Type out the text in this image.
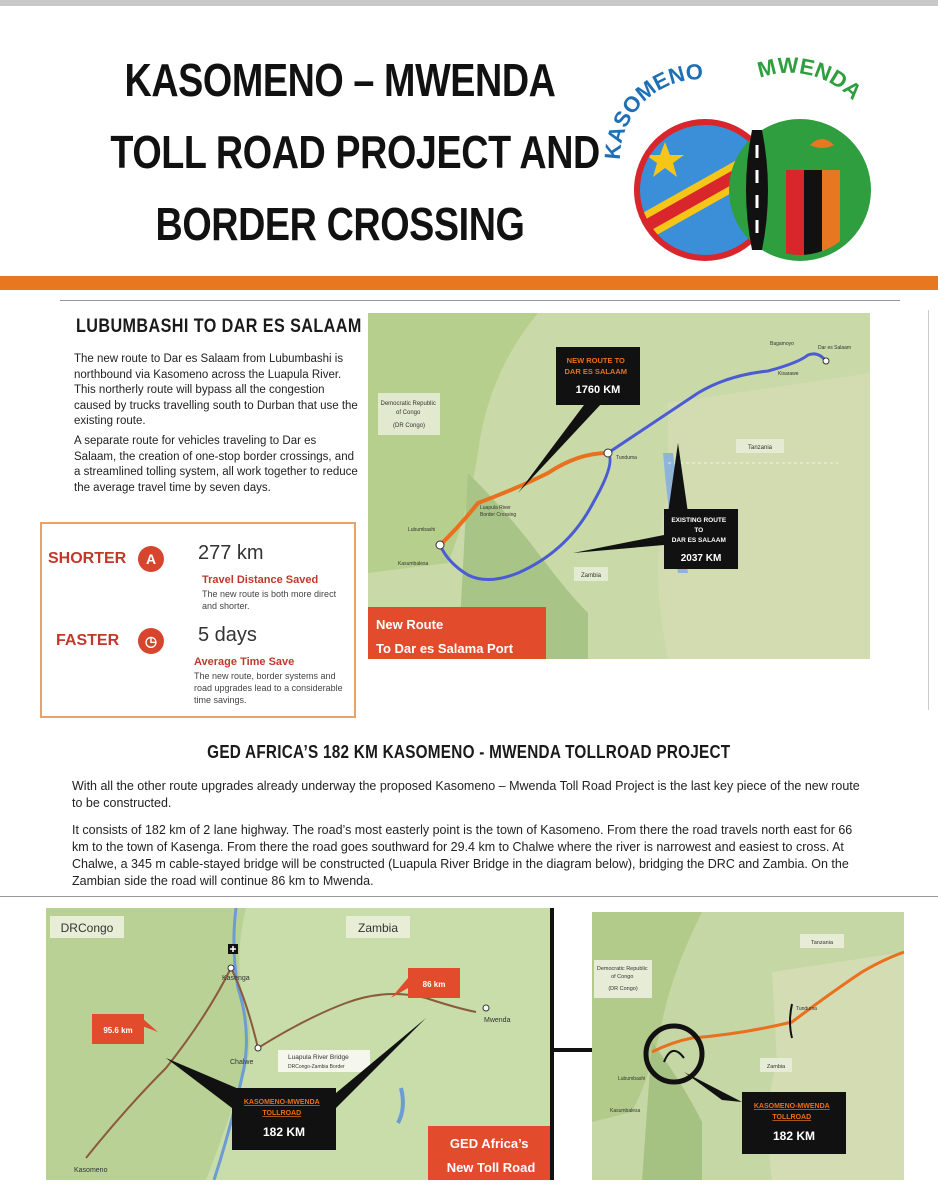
KASOMENO – MWENDA
TOLL ROAD PROJECT AND
BORDER CROSSING
KASOMENO MWENDA
LUBUMBASHI TO DAR ES SALAAM

The new route to Dar es Salaam from Lubumbashi is northbound via Kasomeno across the Luapula River. This northerly route will bypass all the congestion caused by trucks travelling south to Durban that use the existing route.

A separate route for vehicles traveling to Dar es Salaam, the creation of one-stop border crossings, and a streamlined tolling system, all work together to reduce the average travel time by seven days.

SHORTER	A	277 km
Travel Distance Saved
The new route is both more direct and shorter.
FASTER	◷	5 days
Average Time Save
The new route, border systems and road upgrades lead to a considerable time savings.
Democratic Republic of Congo (DR Congo)
Tanzania
Zambia
Bagamoyo
Dar es Salaam
Kisarawe
Tunduma
Luapula River Border Crossing
Lubumbashi
Kasumbalesa
NEW ROUTE TO DAR ES SALAAM 1760 KM
EXISTING ROUTE TO DAR ES SALAAM 2037 KM
New Route To Dar es Salama Port
GED AFRICA’S 182 KM KASOMENO - MWENDA TOLLROAD PROJECT

With all the other route upgrades already underway the proposed Kasomeno – Mwenda Toll Road Project is the last key piece of the new route to be constructed.

It consists of 182 km of 2 lane highway. The road’s most easterly point is the town of Kasomeno. From there the road travels north east for 66 km to the town of Kasenga. From there the road goes southward for 29.4 km to Chalwe where the river is narrowest and easiest to cross. At Chalwe, a 345 m cable-stayed bridge will be constructed (Luapula River Bridge in the diagram below), bridging the DRC and Zambia. On the Zambian side the road will continue 86 km to Mwenda.

DRCongo	Zambia
Kasenga
Chalwe
Mwenda
Kasomeno
Luapula River Bridge DRCongo-Zambia Border
86 km
95.6 km
KASOMENO-MWENDA TOLLROAD 182 KM
GED Africa’s New Toll Road
Democratic Republic of Congo (DR Congo)
Tanzania
Zambia
Tunduma
Lubumbashi
Kasumbalesa
KASOMENO-MWENDA TOLLROAD 182 KM
